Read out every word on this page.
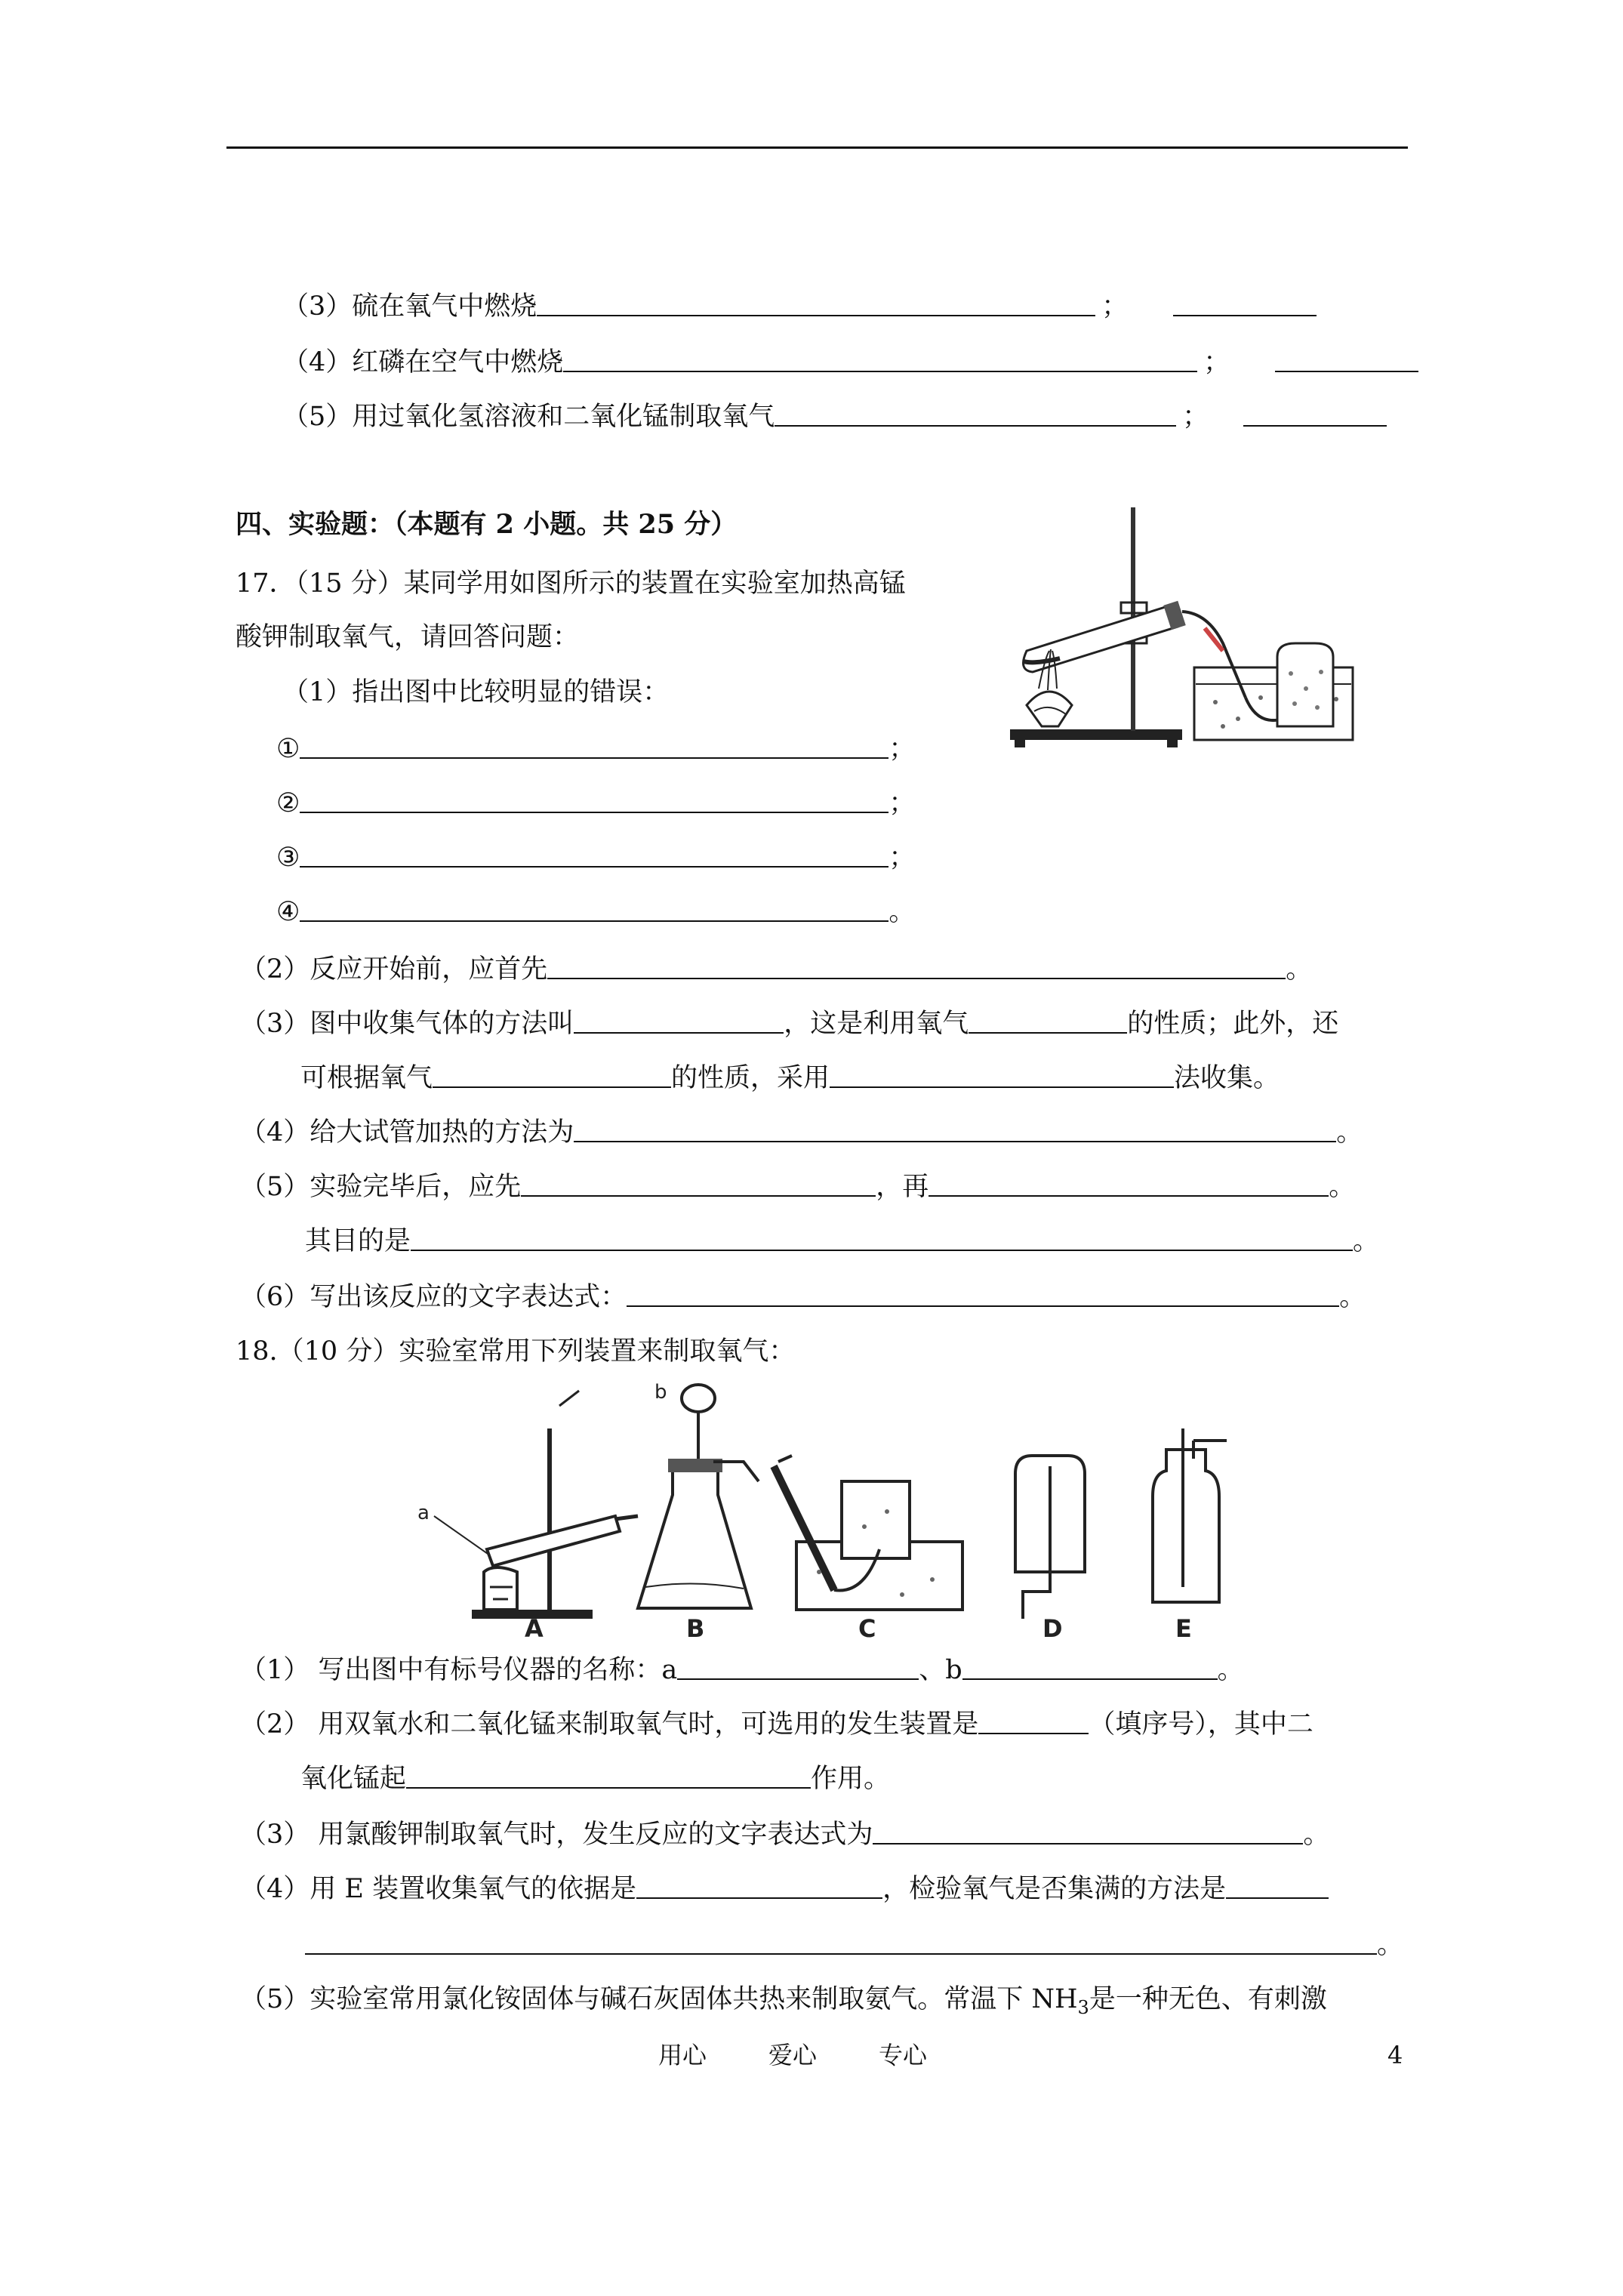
（3）硫在氧气中燃烧	；
（4）红磷在空气中燃烧	；
（5）用过氧化氢溶液和二氧化锰制取氧气	；
四、实验题：（本题有 2 小题。共 25 分）
17．（15 分）某同学用如图所示的装置在实验室加热高锰
酸钾制取氧气，请回答问题：
（1）指出图中比较明显的错误：
①	；
②	；
③	；
④	。
（2）反应开始前，应首先	。
（3）图中收集气体的方法叫	，这是利用氧气	的性质；此外，还
可根据氧气	的性质，采用	法收集。
（4）给大试管加热的方法为	。
（5）实验完毕后，应先	，再	。
其目的是	。
（6）写出该反应的文字表达式：	。
18.（10 分）实验室常用下列装置来制取氧气：
a
A
b
B	C	D	E
（1） 写出图中有标号仪器的名称：a	、b	。
（2） 用双氧水和二氧化锰来制取氧气时，可选用的发生装置是	（填序号），其中二
氧化锰起	作用。
（3） 用氯酸钾制取氧气时，发生反应的文字表达式为	。
（4）用 E 装置收集氧气的依据是	，检验氧气是否集满的方法是
。
（5）实验室常用氯化铵固体与碱石灰固体共热来制取氨气。常温下 $NH_3$是一种无色、有刺激
用心	爱心	专心	4
